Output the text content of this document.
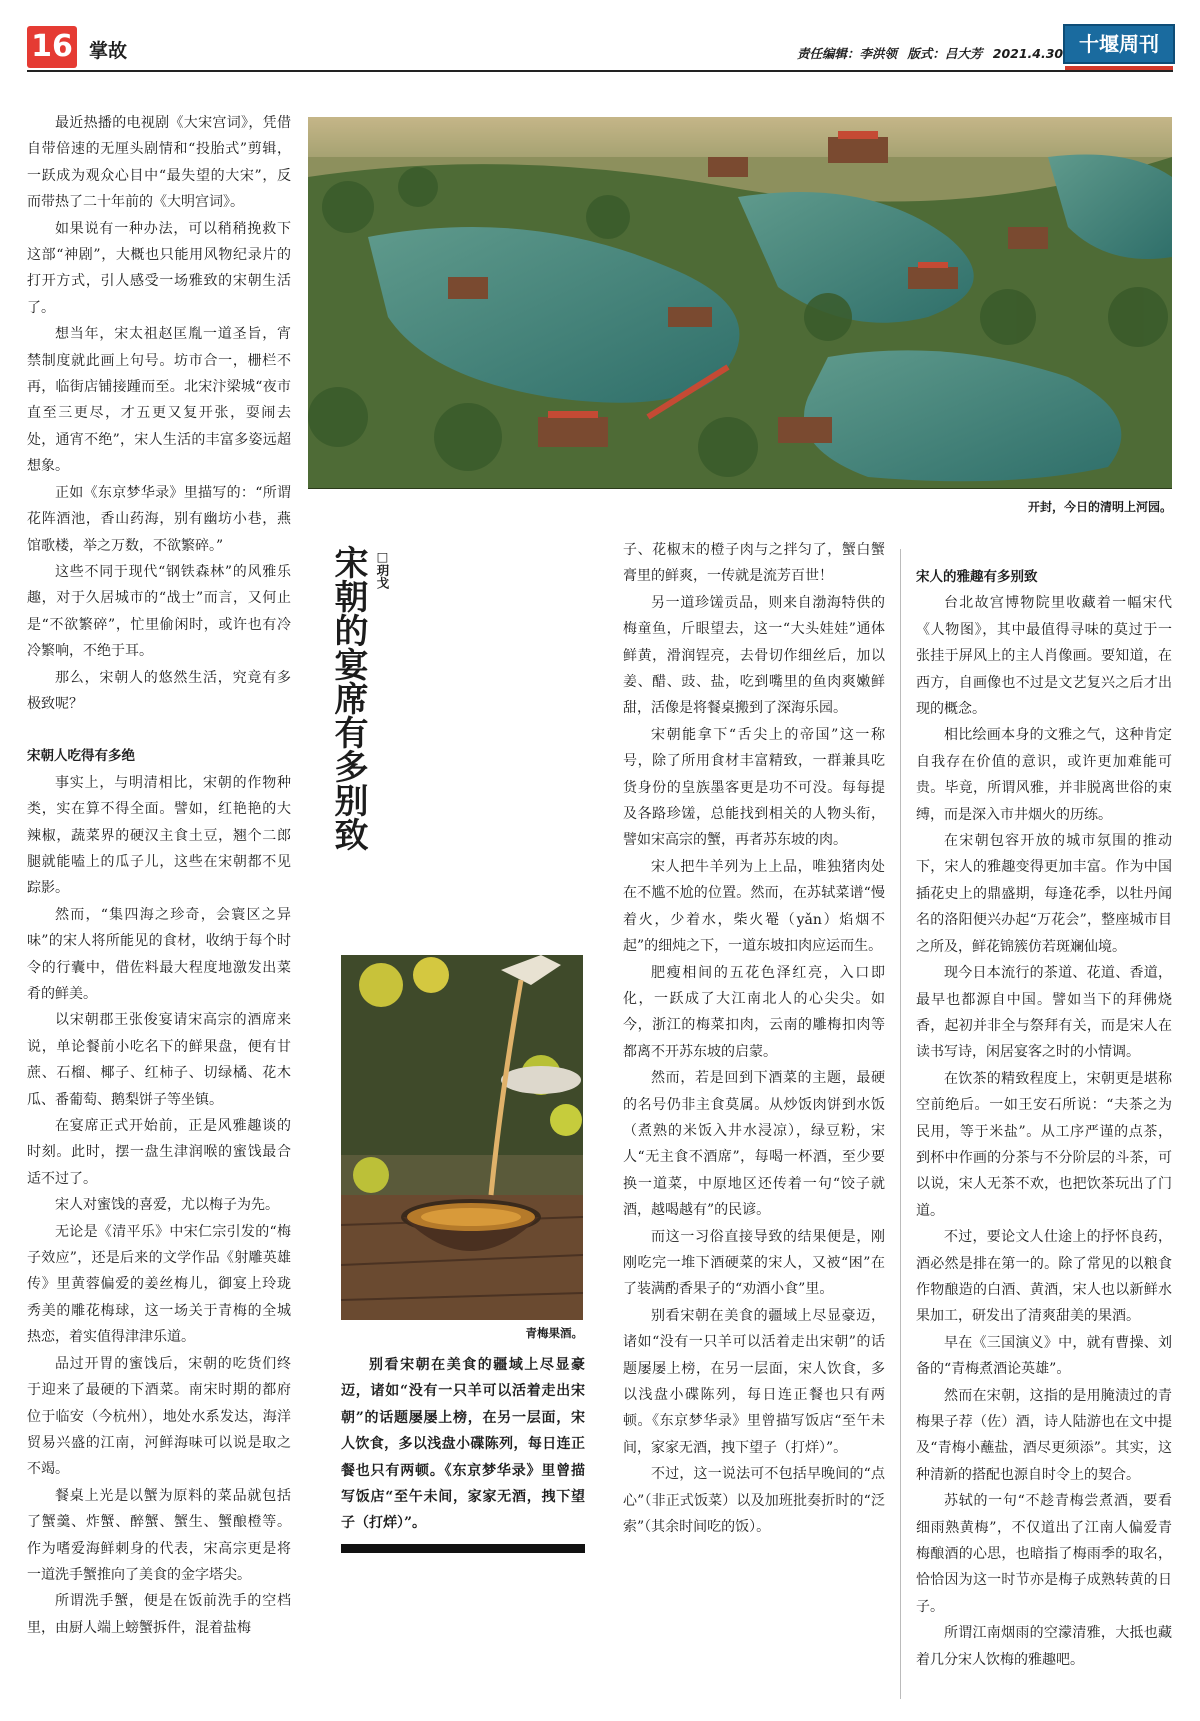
16 掌故	责任编辑：李洪领 版式：吕大芳 2021.4.30 十堰周刊

最近热播的电视剧《大宋宫词》，凭借自带倍速的无厘头剧情和“投胎式”剪辑，一跃成为观众心目中“最失望的大宋”，反而带热了二十年前的《大明宫词》。

如果说有一种办法，可以稍稍挽救下这部“神剧”，大概也只能用风物纪录片的打开方式，引人感受一场雅致的宋朝生活了。

想当年，宋太祖赵匡胤一道圣旨，宵禁制度就此画上句号。坊市合一，栅栏不再，临街店铺接踵而至。北宋汴梁城“夜市直至三更尽，才五更又复开张，耍闹去处，通宵不绝”，宋人生活的丰富多姿远超想象。

正如《东京梦华录》里描写的：“所谓花阵酒池，香山药海，别有幽坊小巷，燕馆歌楼，举之万数，不欲繁碎。”

这些不同于现代“钢铁森林”的风雅乐趣，对于久居城市的“战士”而言，又何止是“不欲繁碎”，忙里偷闲时，或许也有冷冷繁响，不绝于耳。

那么，宋朝人的悠然生活，究竟有多极致呢？

宋朝人吃得有多绝

事实上，与明清相比，宋朝的作物种类，实在算不得全面。譬如，红艳艳的大辣椒，蔬菜界的硬汉主食土豆，翘个二郎腿就能嗑上的瓜子儿，这些在宋朝都不见踪影。

然而，“集四海之珍奇，会寰区之异味”的宋人将所能见的食材，收纳于每个时令的行囊中，借佐料最大程度地激发出菜肴的鲜美。

以宋朝郡王张俊宴请宋高宗的酒席来说，单论餐前小吃名下的鲜果盘，便有甘蔗、石榴、椰子、红柿子、切绿橘、花木瓜、番葡萄、鹅梨饼子等坐镇。

在宴席正式开始前，正是风雅趣谈的时刻。此时，摆一盘生津润喉的蜜饯最合适不过了。

宋人对蜜饯的喜爱，尤以梅子为先。

无论是《清平乐》中宋仁宗引发的“梅子效应”，还是后来的文学作品《射雕英雄传》里黄蓉偏爱的姜丝梅儿，御宴上玲珑秀美的雕花梅球，这一场关于青梅的全城热恋，着实值得津津乐道。

品过开胃的蜜饯后，宋朝的吃货们终于迎来了最硬的下酒菜。南宋时期的都府位于临安（今杭州），地处水系发达，海洋贸易兴盛的江南，河鲜海味可以说是取之不竭。

餐桌上光是以蟹为原料的菜品就包括了蟹羹、炸蟹、醉蟹、蟹生、蟹酿橙等。作为嗜爱海鲜刺身的代表，宋高宗更是将一道洗手蟹推向了美食的金字塔尖。

所谓洗手蟹，便是在饭前洗手的空档里，由厨人端上螃蟹拆件，混着盐梅

开封，今日的清明上河园。
宋朝的宴席有多别致 □玥戈
青梅果酒。
别看宋朝在美食的疆域上尽显豪迈，诸如“没有一只羊可以活着走出宋朝”的话题屡屡上榜，在另一层面，宋人饮食，多以浅盘小碟陈列，每日连正餐也只有两顿。《东京梦华录》里曾描写饭店“至午未间，家家无酒，拽下望子（打烊）”。

子、花椒末的橙子肉与之拌匀了，蟹白蟹膏里的鲜爽，一传就是流芳百世！

另一道珍馐贡品，则来自渤海特供的梅童鱼，斤眼望去，这一“大头娃娃”通体鲜黄，滑润锃亮，去骨切作细丝后，加以姜、醋、豉、盐，吃到嘴里的鱼肉爽嫩鲜甜，活像是将餐桌搬到了深海乐园。

宋朝能拿下“舌尖上的帝国”这一称号，除了所用食材丰富精致，一群兼具吃货身份的皇族墨客更是功不可没。每每提及各路珍馐，总能找到相关的人物头衔，譬如宋高宗的蟹，再者苏东坡的肉。

宋人把牛羊列为上上品，唯独猪肉处在不尴不尬的位置。然而，在苏轼菜谱“慢着火，少着水，柴火罨（yǎn）焰烟不起”的细炖之下，一道东坡扣肉应运而生。

肥瘦相间的五花色泽红亮，入口即化，一跃成了大江南北人的心尖尖。如今，浙江的梅菜扣肉，云南的雕梅扣肉等都离不开苏东坡的启蒙。

然而，若是回到下酒菜的主题，最硬的名号仍非主食莫属。从炒饭肉饼到水饭（煮熟的米饭入井水浸凉），绿豆粉，宋人“无主食不酒席”，每喝一杯酒，至少要换一道菜，中原地区还传着一句“饺子就酒，越喝越有”的民谚。

而这一习俗直接导致的结果便是，刚刚吃完一堆下酒硬菜的宋人，又被“困”在了装满酌香果子的“劝酒小食”里。

别看宋朝在美食的疆域上尽显豪迈，诸如“没有一只羊可以活着走出宋朝”的话题屡屡上榜，在另一层面，宋人饮食，多以浅盘小碟陈列，每日连正餐也只有两顿。《东京梦华录》里曾描写饭店“至午未间，家家无酒，拽下望子（打烊）”。

不过，这一说法可不包括早晚间的“点心”（非正式饭菜）以及加班批奏折时的“泛索”（其余时间吃的饭）。

宋人的雅趣有多别致

台北故宫博物院里收藏着一幅宋代《人物图》，其中最值得寻味的莫过于一张挂于屏风上的主人肖像画。要知道，在西方，自画像也不过是文艺复兴之后才出现的概念。

相比绘画本身的文雅之气，这种肯定自我存在价值的意识，或许更加难能可贵。毕竟，所谓风雅，并非脱离世俗的束缚，而是深入市井烟火的历练。

在宋朝包容开放的城市氛围的推动下，宋人的雅趣变得更加丰富。作为中国插花史上的鼎盛期，每逢花季，以牡丹闻名的洛阳便兴办起“万花会”，整座城市目之所及，鲜花锦簇仿若斑斓仙境。

现今日本流行的茶道、花道、香道，最早也都源自中国。譬如当下的拜佛烧香，起初并非全与祭拜有关，而是宋人在读书写诗，闲居宴客之时的小情调。

在饮茶的精致程度上，宋朝更是堪称空前绝后。一如王安石所说：“夫茶之为民用，等于米盐”。从工序严谨的点茶，到杯中作画的分茶与不分阶层的斗茶，可以说，宋人无茶不欢，也把饮茶玩出了门道。

不过，要论文人仕途上的抒怀良药，酒必然是排在第一的。除了常见的以粮食作物酿造的白酒、黄酒，宋人也以新鲜水果加工，研发出了清爽甜美的果酒。

早在《三国演义》中，就有曹操、刘备的“青梅煮酒论英雄”。

然而在宋朝，这指的是用腌渍过的青梅果子荐（佐）酒，诗人陆游也在文中提及“青梅小蘸盐，酒尽更须添”。其实，这种清新的搭配也源自时令上的契合。

苏轼的一句“不趁青梅尝煮酒，要看细雨熟黄梅”，不仅道出了江南人偏爱青梅酿酒的心思，也暗指了梅雨季的取名，恰恰因为这一时节亦是梅子成熟转黄的日子。

所谓江南烟雨的空濛清雅，大抵也藏着几分宋人饮梅的雅趣吧。
